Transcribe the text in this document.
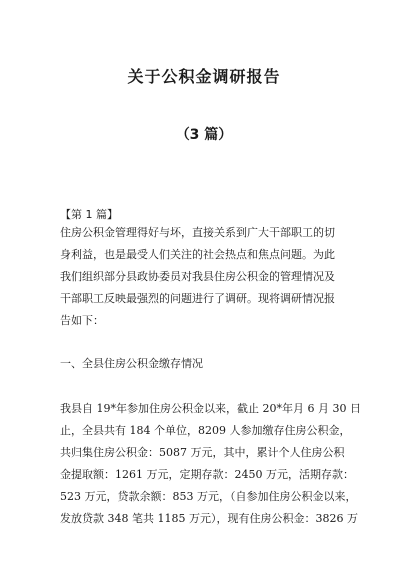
关于公积金调研报告
（3 篇）
【第 1 篇】
住房公积金管理得好与坏，直接关系到广大干部职工的切
身利益，也是最受人们关注的社会热点和焦点问题。为此
我们组织部分县政协委员对我县住房公积金的管理情况及
干部职工反映最强烈的问题进行了调研。现将调研情况报
告如下：
一、全县住房公积金缴存情况
我县自 19*年参加住房公积金以来，截止 20*年月 6 月 30 日
止，全县共有 184 个单位，8209 人参加缴存住房公积金，
共归集住房公积金：5087 万元，其中，累计个人住房公积
金提取额：1261 万元，定期存款：2450 万元，活期存款：
523 万元，贷款余额：853 万元，（自参加住房公积金以来，
发放贷款 348 笔共 1185 万元），现有住房公积金：3826 万
